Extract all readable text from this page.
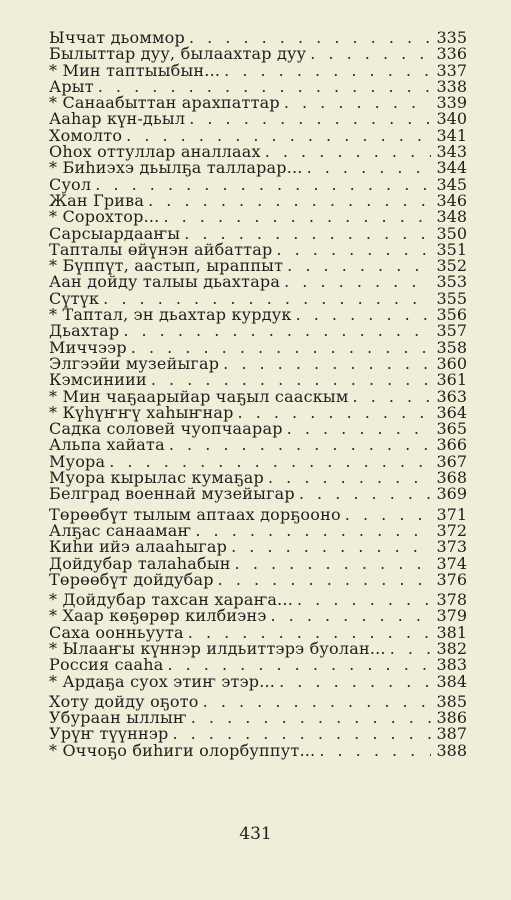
Ыччат дьоммор . . .	335
Былыттар дуу, былаахтар дуу . . .	336
* Мин таптыыбын... . . .	337
Арыт . . .	338
* Санаабыттан арахпаттар . . .	339
Ааhар күн-дьыл . . .	340
Хомолто . . .	341
Оhох оттуллар аналлаах . . .	343
* Биhиэхэ дьылҕа талларар... . . .	344
Суол . . .	345
Жан Грива . . .	346
* Сорохтор... . . .	348
Сарсыардааҥы . . .	350
Тапталы өйүнэн айбаттар . . .	351
* Бүппүт, аастып, ыраппыт . . .	352
Аан дойду талыы дьахтара . . .	353
Сүтүк . . .	355
* Таптал, эн дьахтар курдук . . .	356
Дьахтар . . .	357
Миччээр . . .	358
Элгээйи музейыгар . . .	360
Кэмсиниии . . .	361
* Мин чаҕаарыйар чаҕыл сааскым . . .	363
* Күhүҥҥү хаhыҥнар . . .	364
Садка соловей чуопчаарар . . .	365
Альпа хайата . . .	366
Муора . . .	367
Муора кырылас кумаҕар . . .	368
Белград военнай музейыгар . . .	369
Төрөөбүт тылым аптаах дорҕооно . . .	371
Алҕас санаамаҥ . . .	372
Киhи ийэ алааhыгар . . .	373
Дойдубар талаhабын . . .	374
Төрөөбүт дойдубар . . .	376
* Дойдубар тахсан хараҥа... . . .	378
* Хаар көҕөрөр килбиэнэ . . .	379
Саха оонньуута . . .	381
* Ылааҥы күннэр илдьиттэрэ буолан... . . .	382
Россия сааhа . . .	383
* Ардаҕа суох этиҥ этэр... . . .	384
Хоту дойду оҕото . . .	385
Убураан ыллыҥ . . .	386
Урүҥ түүннэр . . .	387
* Оччоҕо биhиги олорбуппут... . . .	388
431
